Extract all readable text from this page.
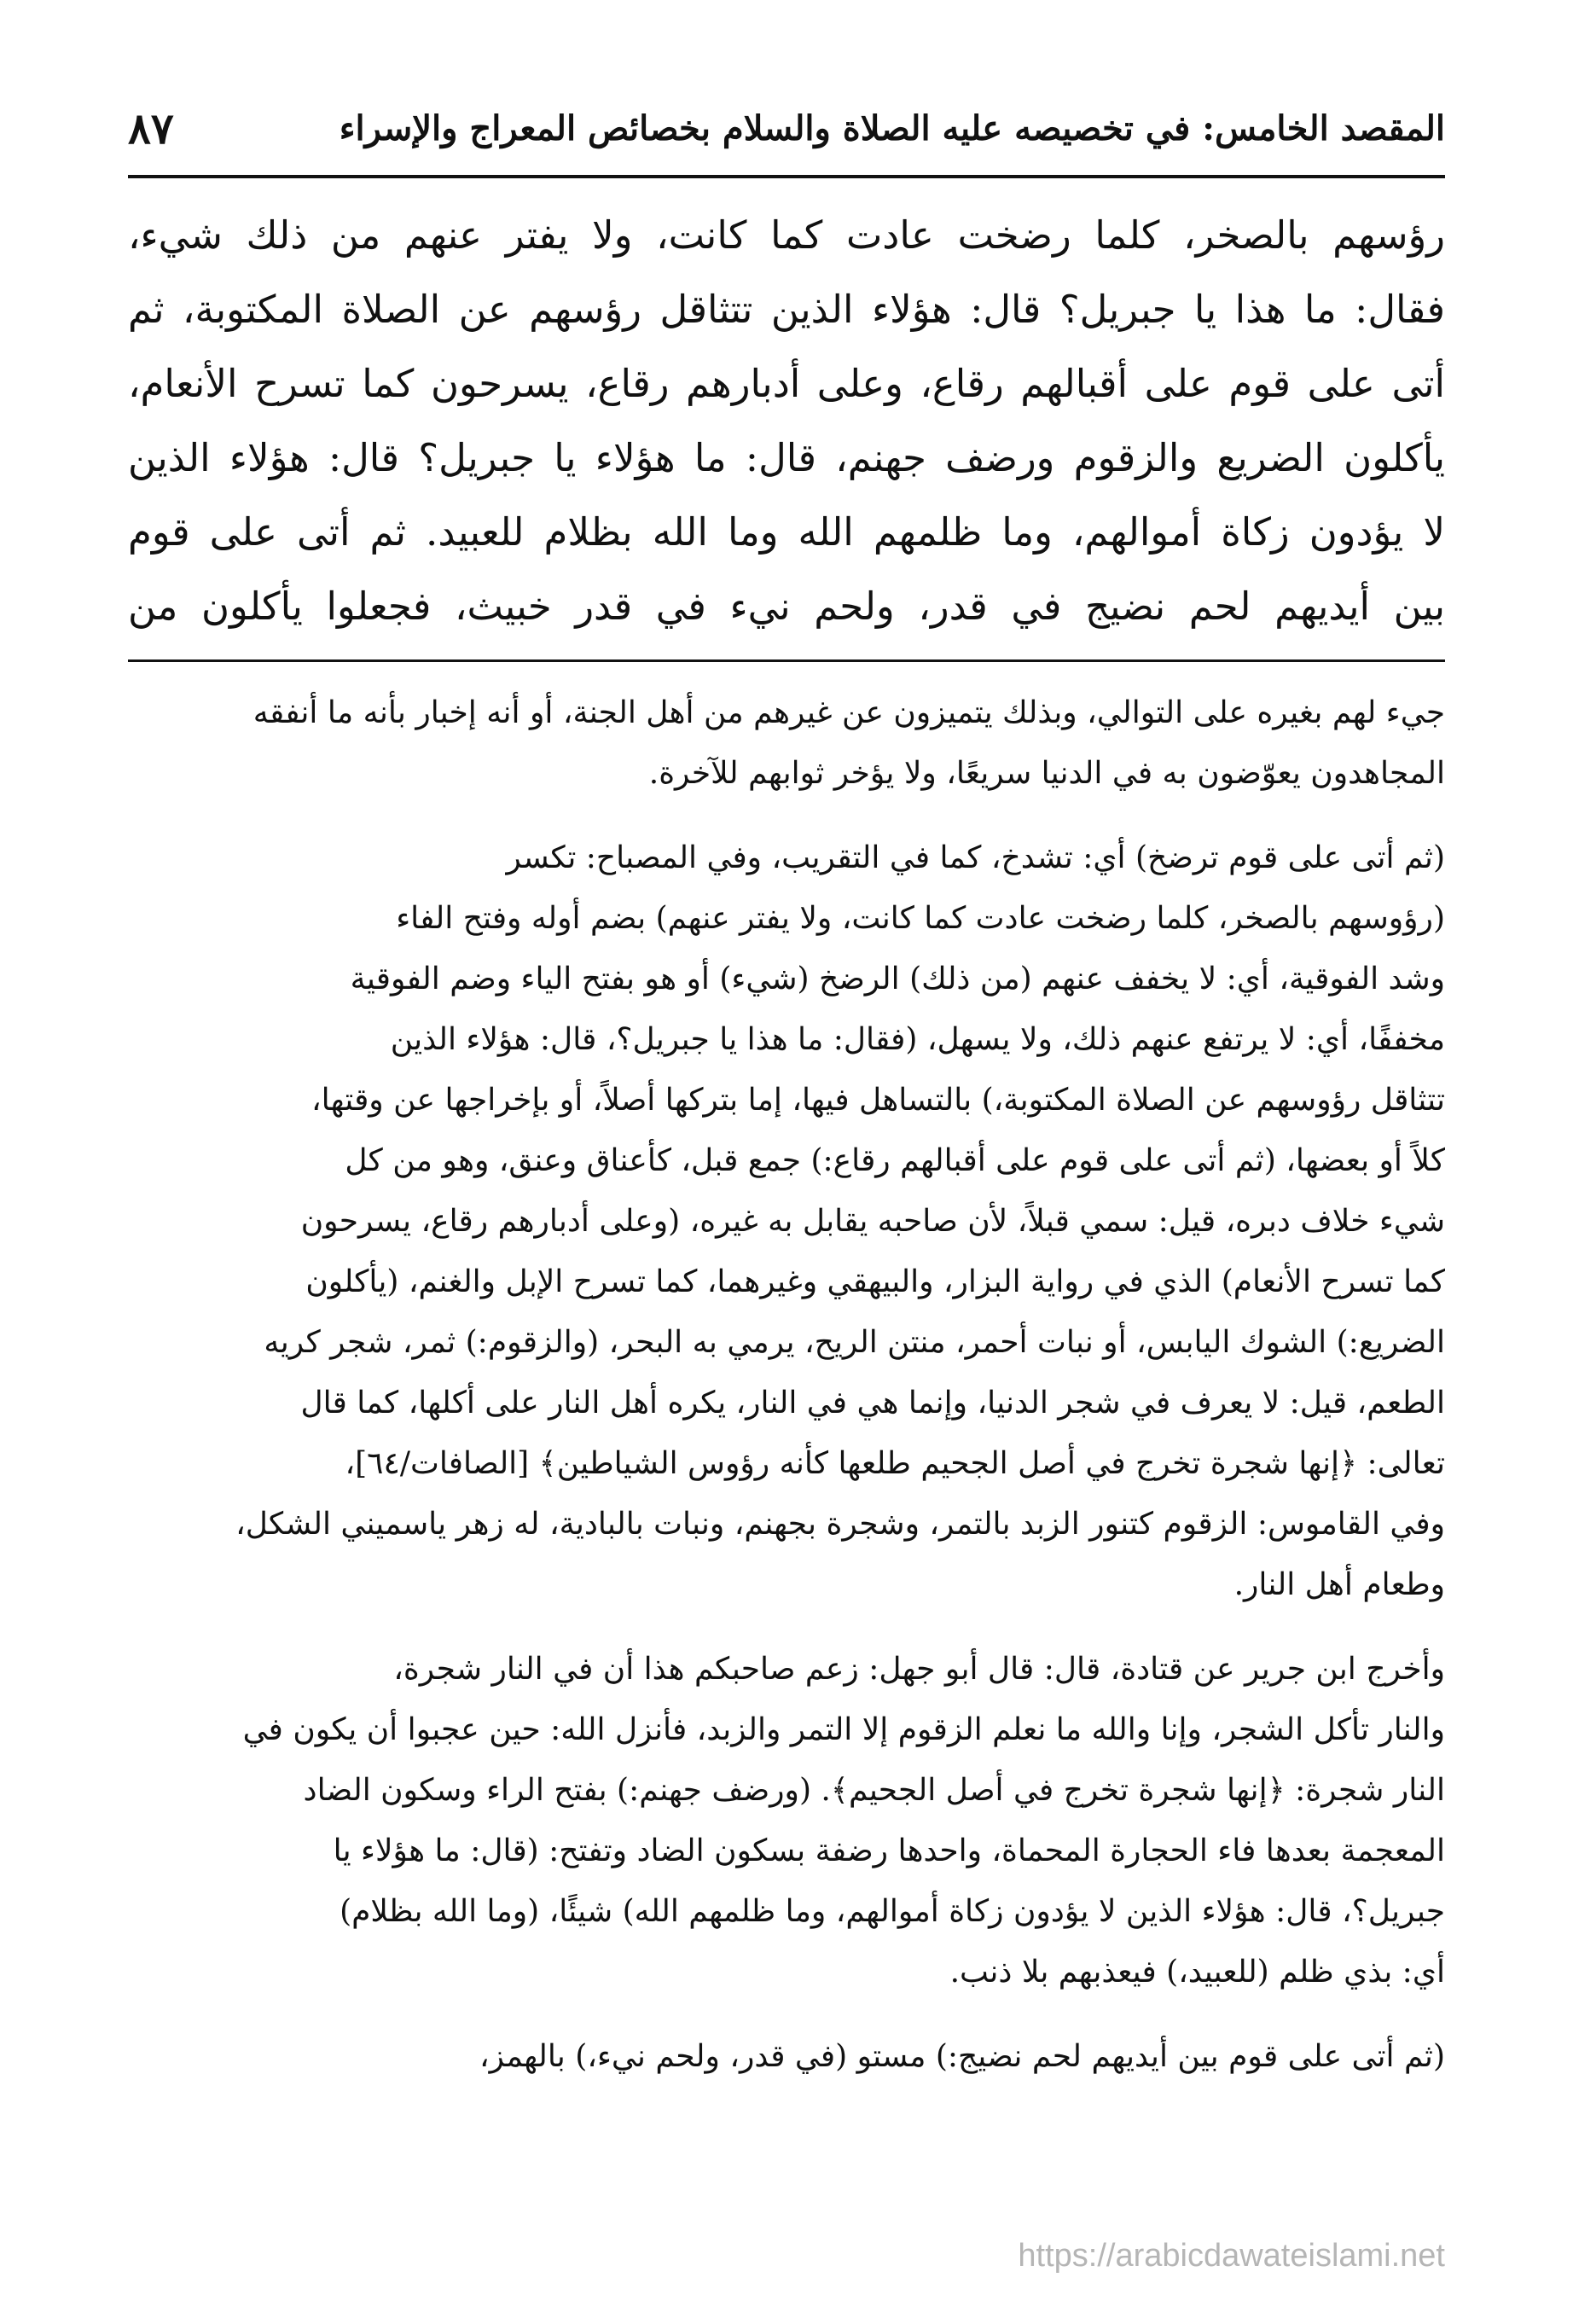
المقصد الخامس: في تخصيصه عليه الصلاة والسلام بخصائص المعراج والإسراء
٨٧
رؤسهم بالصخر، كلما رضخت عادت كما كانت، ولا يفتر عنهم من ذلك شيء،
فقال: ما هذا يا جبريل؟ قال: هؤلاء الذين تتثاقل رؤسهم عن الصلاة المكتوبة، ثم
أتى على قوم على أقبالهم رقاع، وعلى أدبارهم رقاع، يسرحون كما تسرح الأنعام،
يأكلون الضريع والزقوم ورضف جهنم، قال: ما هؤلاء يا جبريل؟ قال: هؤلاء الذين
لا يؤدون زكاة أموالهم، وما ظلمهم الله وما الله بظلام للعبيد. ثم أتى على قوم
بين أيديهم لحم نضيج في قدر، ولحم نيء في قدر خبيث، فجعلوا يأكلون من
جيء لهم بغيره على التوالي، وبذلك يتميزون عن غيرهم من أهل الجنة، أو أنه إخبار بأنه ما أنفقه
المجاهدون يعوّضون به في الدنيا سريعًا، ولا يؤخر ثوابهم للآخرة.
(ثم أتى على قوم ترضخ) أي: تشدخ، كما في التقريب، وفي المصباح: تكسر
(رؤوسهم بالصخر، كلما رضخت عادت كما كانت، ولا يفتر عنهم) بضم أوله وفتح الفاء
وشد الفوقية، أي: لا يخفف عنهم (من ذلك) الرضخ (شيء) أو هو بفتح الياء وضم الفوقية
مخففًا، أي: لا يرتفع عنهم ذلك، ولا يسهل، (فقال: ما هذا يا جبريل؟، قال: هؤلاء الذين
تتثاقل رؤوسهم عن الصلاة المكتوبة،) بالتساهل فيها، إما بتركها أصلاً، أو بإخراجها عن وقتها،
كلاً أو بعضها، (ثم أتى على قوم على أقبالهم رقاع:) جمع قبل، كأعناق وعنق، وهو من كل
شيء خلاف دبره، قيل: سمي قبلاً، لأن صاحبه يقابل به غيره، (وعلى أدبارهم رقاع، يسرحون
كما تسرح الأنعام) الذي في رواية البزار، والبيهقي وغيرهما، كما تسرح الإبل والغنم، (يأكلون
الضريع:) الشوك اليابس، أو نبات أحمر، منتن الريح، يرمي به البحر، (والزقوم:) ثمر، شجر كريه
الطعم، قيل: لا يعرف في شجر الدنيا، وإنما هي في النار، يكره أهل النار على أكلها، كما قال
تعالى: ﴿إنها شجرة تخرج في أصل الجحيم طلعها كأنه رؤوس الشياطين﴾ [الصافات/٦٤]،
وفي القاموس: الزقوم كتنور الزبد بالتمر، وشجرة بجهنم، ونبات بالبادية، له زهر ياسميني الشكل،
وطعام أهل النار.
وأخرج ابن جرير عن قتادة، قال: قال أبو جهل: زعم صاحبكم هذا أن في النار شجرة،
والنار تأكل الشجر، وإنا والله ما نعلم الزقوم إلا التمر والزبد، فأنزل الله: حين عجبوا أن يكون في
النار شجرة: ﴿إنها شجرة تخرج في أصل الجحيم﴾. (ورضف جهنم:) بفتح الراء وسكون الضاد
المعجمة بعدها فاء الحجارة المحماة، واحدها رضفة بسكون الضاد وتفتح: (قال: ما هؤلاء يا
جبريل؟، قال: هؤلاء الذين لا يؤدون زكاة أموالهم، وما ظلمهم الله) شيئًا، (وما الله بظلام)
أي: بذي ظلم (للعبيد،) فيعذبهم بلا ذنب.
(ثم أتى على قوم بين أيديهم لحم نضيج:) مستو (في قدر، ولحم نيء،) بالهمز،
https://arabicdawateislami.net
